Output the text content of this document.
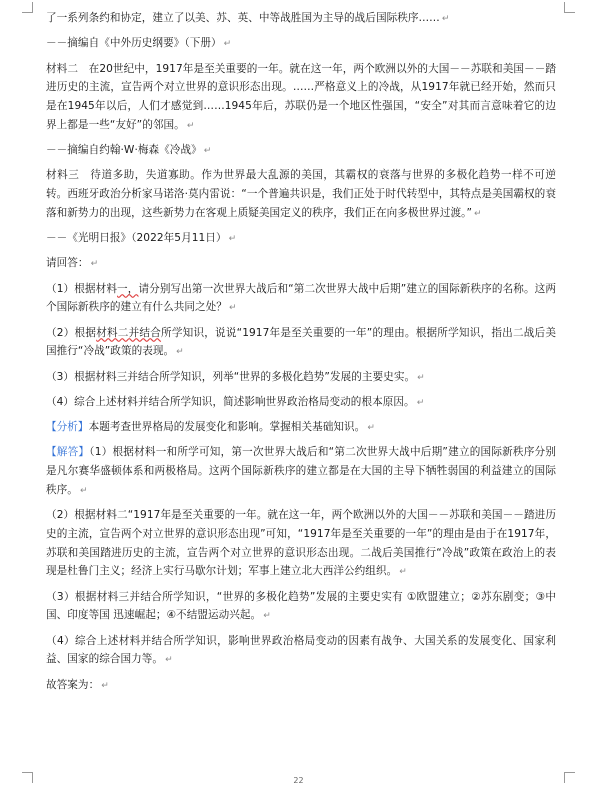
了一系列条约和协定，建立了以美、苏、英、中等战胜国为主导的战后国际秩序…… ↵

－－摘编自《中外历史纲要》（下册） ↵

材料二　在20世纪中，1917年是至关重要的一年。就在这一年，两个欧洲以外的大国－－苏联和美国－－踏进历史的主流，宣告两个对立世界的意识形态出现。……严格意义上的冷战，从1917年就已经开始，然而只是在1945年以后，人们才感觉到……1945年后，苏联仍是一个地区性强国，“安全”对其而言意味着它的边界上都是一些“友好”的邻国。 ↵

－－摘编自约翰·W·梅森《冷战》 ↵

材料三　待道多助，失道寡助。作为世界最大乱源的美国，其霸权的衰落与世界的多极化趋势一样不可逆转。西班牙政治分析家马诺洛·莫内雷说：“一个普遍共识是，我们正处于时代转型中，其特点是美国霸权的衰落和新势力的出现，这些新势力在客观上质疑美国定义的秩序，我们正在向多极世界过渡。” ↵

－－《光明日报》（2022年5月11日） ↵

请回答： ↵

（1）根据材料一，请分别写出第一次世界大战后和“第二次世界大战中后期”建立的国际新秩序的名称。这两个国际新秩序的建立有什么共同之处？ ↵

（2）根据材料二并结合所学知识，说说“1917年是至关重要的一年”的理由。根据所学知识，指出二战后美国推行“冷战”政策的表现。 ↵

（3）根据材料三并结合所学知识，列举“世界的多极化趋势”发展的主要史实。 ↵

（4）综合上述材料并结合所学知识，简述影响世界政治格局变动的根本原因。 ↵

【分析】本题考查世界格局的发展变化和影响。掌握相关基础知识。 ↵

【解答】（1）根据材料一和所学可知，第一次世界大战后和“第二次世界大战中后期”建立的国际新秩序分别是凡尔赛华盛顿体系和两极格局。这两个国际新秩序的建立都是在大国的主导下牺牲弱国的利益建立的国际秩序。 ↵

（2）根据材料二“1917年是至关重要的一年。就在这一年，两个欧洲以外的大国－－苏联和美国－－踏进历史的主流，宣告两个对立世界的意识形态出现”可知，“1917年是至关重要的一年”的理由是由于在1917年，苏联和美国踏进历史的主流，宣告两个对立世界的意识形态出现。二战后美国推行“冷战”政策在政治上的表现是杜鲁门主义；经济上实行马歇尔计划；军事上建立北大西洋公约组织。 ↵

（3）根据材料三并结合所学知识，“世界的多极化趋势”发展的主要史实有 ①欧盟建立；②苏东剧变；③中国、印度等国 迅速崛起；④不结盟运动兴起。 ↵

（4）综合上述材料并结合所学知识，影响世界政治格局变动的因素有战争、大国关系的发展变化、国家利益、国家的综合国力等。 ↵

故答案为： ↵

22
